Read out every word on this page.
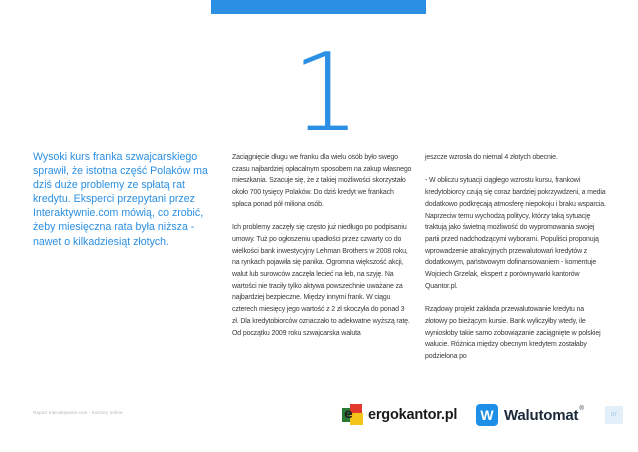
1
Wysoki kurs franka szwajcarskiego sprawił, że istotna część Polaków ma dziś duże problemy ze spłatą rat kredytu. Eksperci przepytani przez Interaktywnie.com mówią, co zrobić, żeby miesięczna rata była niższa - nawet o kilkadziesiąt złotych.

Zaciągnięcie długu we franku dla wielu osób było swego czasu najbardziej opłacalnym sposobem na zakup własnego mieszkania. Szacuje się, że z takiej możliwości skorzystało około 700 tysięcy Polaków. Do dziś kredyt we frankach spłaca ponad pół miliona osób.

Ich problemy zaczęły się często już niedługo po podpisaniu umowy. Tuż po ogłoszeniu upadłości przez czwarty co do wielkości bank inwestycyjny Lehman Brothers w 2008 roku, na rynkach pojawiła się panika. Ogromna większość akcji, walut lub surowców zaczęła lecieć na łeb, na szyję. Na wartości nie traciły tylko aktywa powszechnie uważane za najbardziej bezpieczne. Między innymi frank. W ciągu czterech miesięcy jego wartość z 2 zł skoczyła do ponad 3 zł. Dla kredytobiorców oznaczało to adekwatne wyższą ratę. Od początku 2009 roku szwajcarska waluta

jeszcze wzrosła do niemal 4 złotych obecnie.

- W obliczu sytuacji ciągłego wzrostu kursu, frankowi kredytobiorcy czują się coraz bardziej pokrzywdzeni, a media dodatkowo podkręcają atmosferę niepokoju i braku wsparcia. Naprzeciw temu wychodzą politycy, którzy taką sytuację traktują jako świetną możliwość do wypromowania swojej partii przed nadchodzącymi wyborami. Populiści proponują wprowadzenie atrakcyjnych przewalutowań kredytów z dodatkowym, państwowym dofinansowaniem - komentuje Wojciech Grzelak, ekspert z porównywarki kantorów Quantor.pl.

Rządowy projekt zakłada przewalutowanie kredytu na złotowy po bieżącym kursie. Bank wyliczyłby wtedy, ile wyniosłoby takie samo zobowiązanie zaciągnięte w polskiej walucie. Różnica między obecnym kredytem zostałaby podzielona po

Raport Interaktywnie.com - Kantory online	e ergokantor.pl W Walutomat ®
07
